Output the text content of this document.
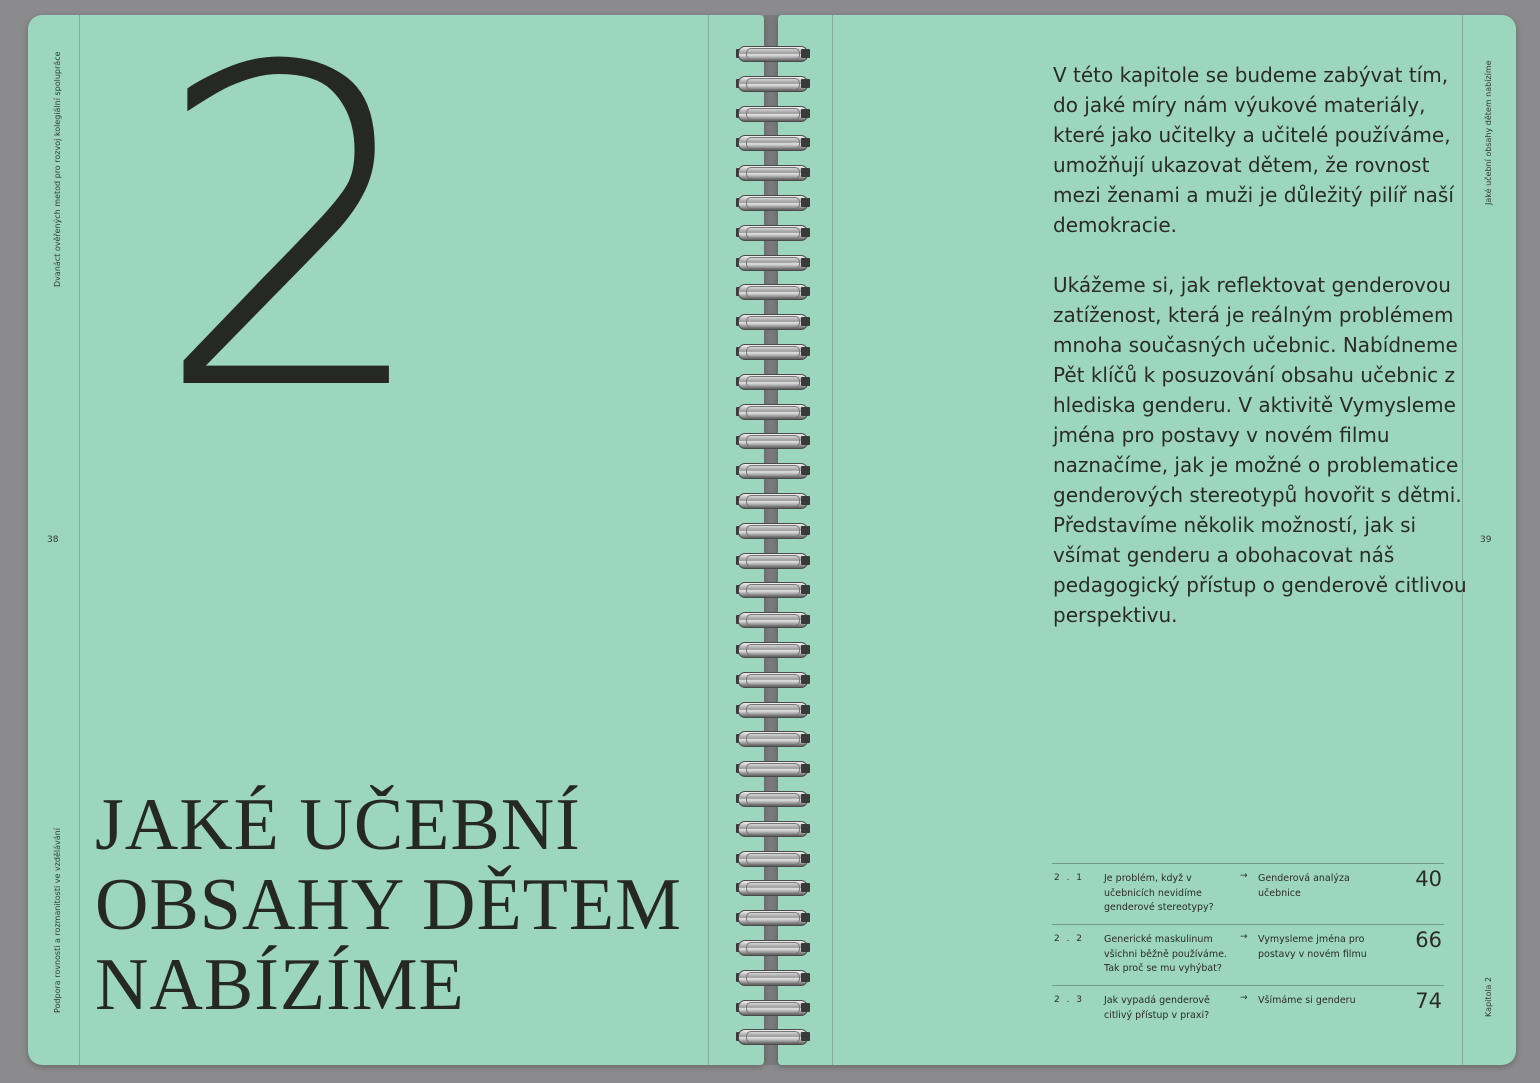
Dvanáct ověřených metod pro rozvoj kolegiální spolupráce
38
Podpora rovnosti a rozmanitosti ve vzdělávání
2
JAKÉ UČEBNÍ
OBSAHY DĚTEM
NABÍZÍME
Jaké učební obsahy dětem nabízíme
39
Kapitola 2

V této kapitole se budeme zabývat tím, do jaké míry nám výukové materiály, které jako učitelky a učitelé používáme, umožňují ukazovat dětem, že rovnost mezi ženami a muži je důležitý pilíř naší demokracie.

Ukážeme si, jak reflektovat genderovou zatíženost, která je reálným problémem mnoha současných učebnic. Nabídneme Pět klíčů k posuzování obsahu učebnic z hlediska genderu. V aktivitě Vymysleme jména pro postavy v novém filmu naznačíme, jak je možné o problematice genderových stereotypů hovořit s dětmi. Představíme několik možností, jak si všímat genderu a obohacovat náš pedagogický přístup o genderově citlivou perspektivu.

2 . 1 Je problém, když v učebnicích nevidíme genderové stereotypy?
→ Genderová analýza učebnice
40
2 . 2 Generické maskulinum všichni běžně používáme. Tak proč se mu vyhýbat?
→ Vymysleme jména pro postavy v novém filmu
66
2 . 3 Jak vypadá genderově citlivý přístup v praxi?
→ Všímáme si genderu	74
